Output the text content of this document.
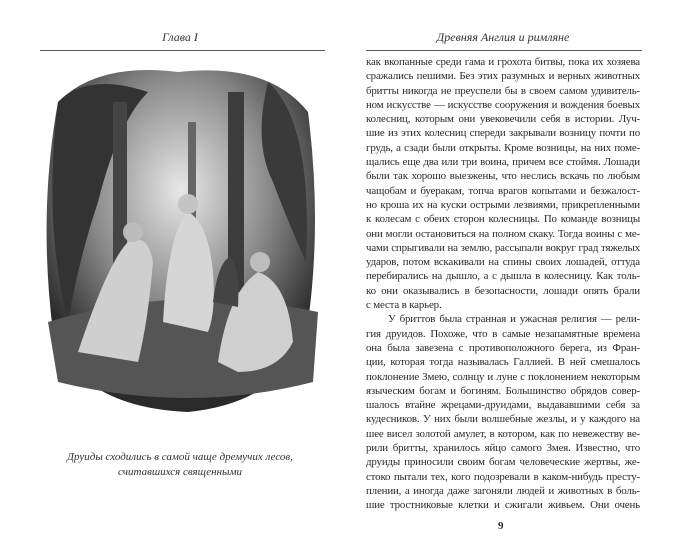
Глава I	Древняя Англия и римляне
Друиды сходились в самой чаще дремучих лесов,
считавшихся священными
как вкопанные среди гама и грохота битвы, пока их хозяева
сражались пешими. Без этих разумных и верных животных
бритты никогда не преуспели бы в своем самом удивитель-
ном искусстве — искусстве сооружения и вождения боевых
колесниц, которым они увековечили себя в истории. Луч-
шие из этих колесниц спереди закрывали возницу почти по
грудь, а сзади были открыты. Кроме возницы, на них поме-
щались еще два или три воина, причем все стоймя. Лошади
были так хорошо выезжены, что неслись вскачь по любым
чащобам и буеракам, топча врагов копытами и безжалост-
но кроша их на куски острыми лезвиями, прикрепленными
к колесам с обеих сторон колесницы. По команде возницы
они могли остановиться на полном скаку. Тогда воины с ме-
чами спрыгивали на землю, рассыпали вокруг град тяжелых
ударов, потом вскакивали на спины своих лошадей, оттуда
перебирались на дышло, а с дышла в колесницу. Как толь-
ко они оказывались в безопасности, лошади опять брали
с места в карьер.
У бриттов была странная и ужасная религия — рели-
гия друидов. Похоже, что в самые незапамятные времена
она была завезена с противоположного берега, из Фран-
ции, которая тогда называлась Галлией. В ней смешалось
поклонение Змею, солнцу и луне с поклонением некоторым
языческим богам и богиням. Большинство обрядов совер-
шалось втайне жрецами-друидами, выдававшими себя за
кудесников. У них были волшебные жезлы, и у каждого на
шее висел золотой амулет, в котором, как по невежеству ве-
рили бритты, хранилось яйцо самого Змея. Известно, что
друиды приносили своим богам человеческие жертвы, же-
стоко пытали тех, кого подозревали в каком-нибудь престу-
плении, а иногда даже загоняли людей и животных в боль-
шие тростниковые клетки и сжигали живьем. Они очень
9
